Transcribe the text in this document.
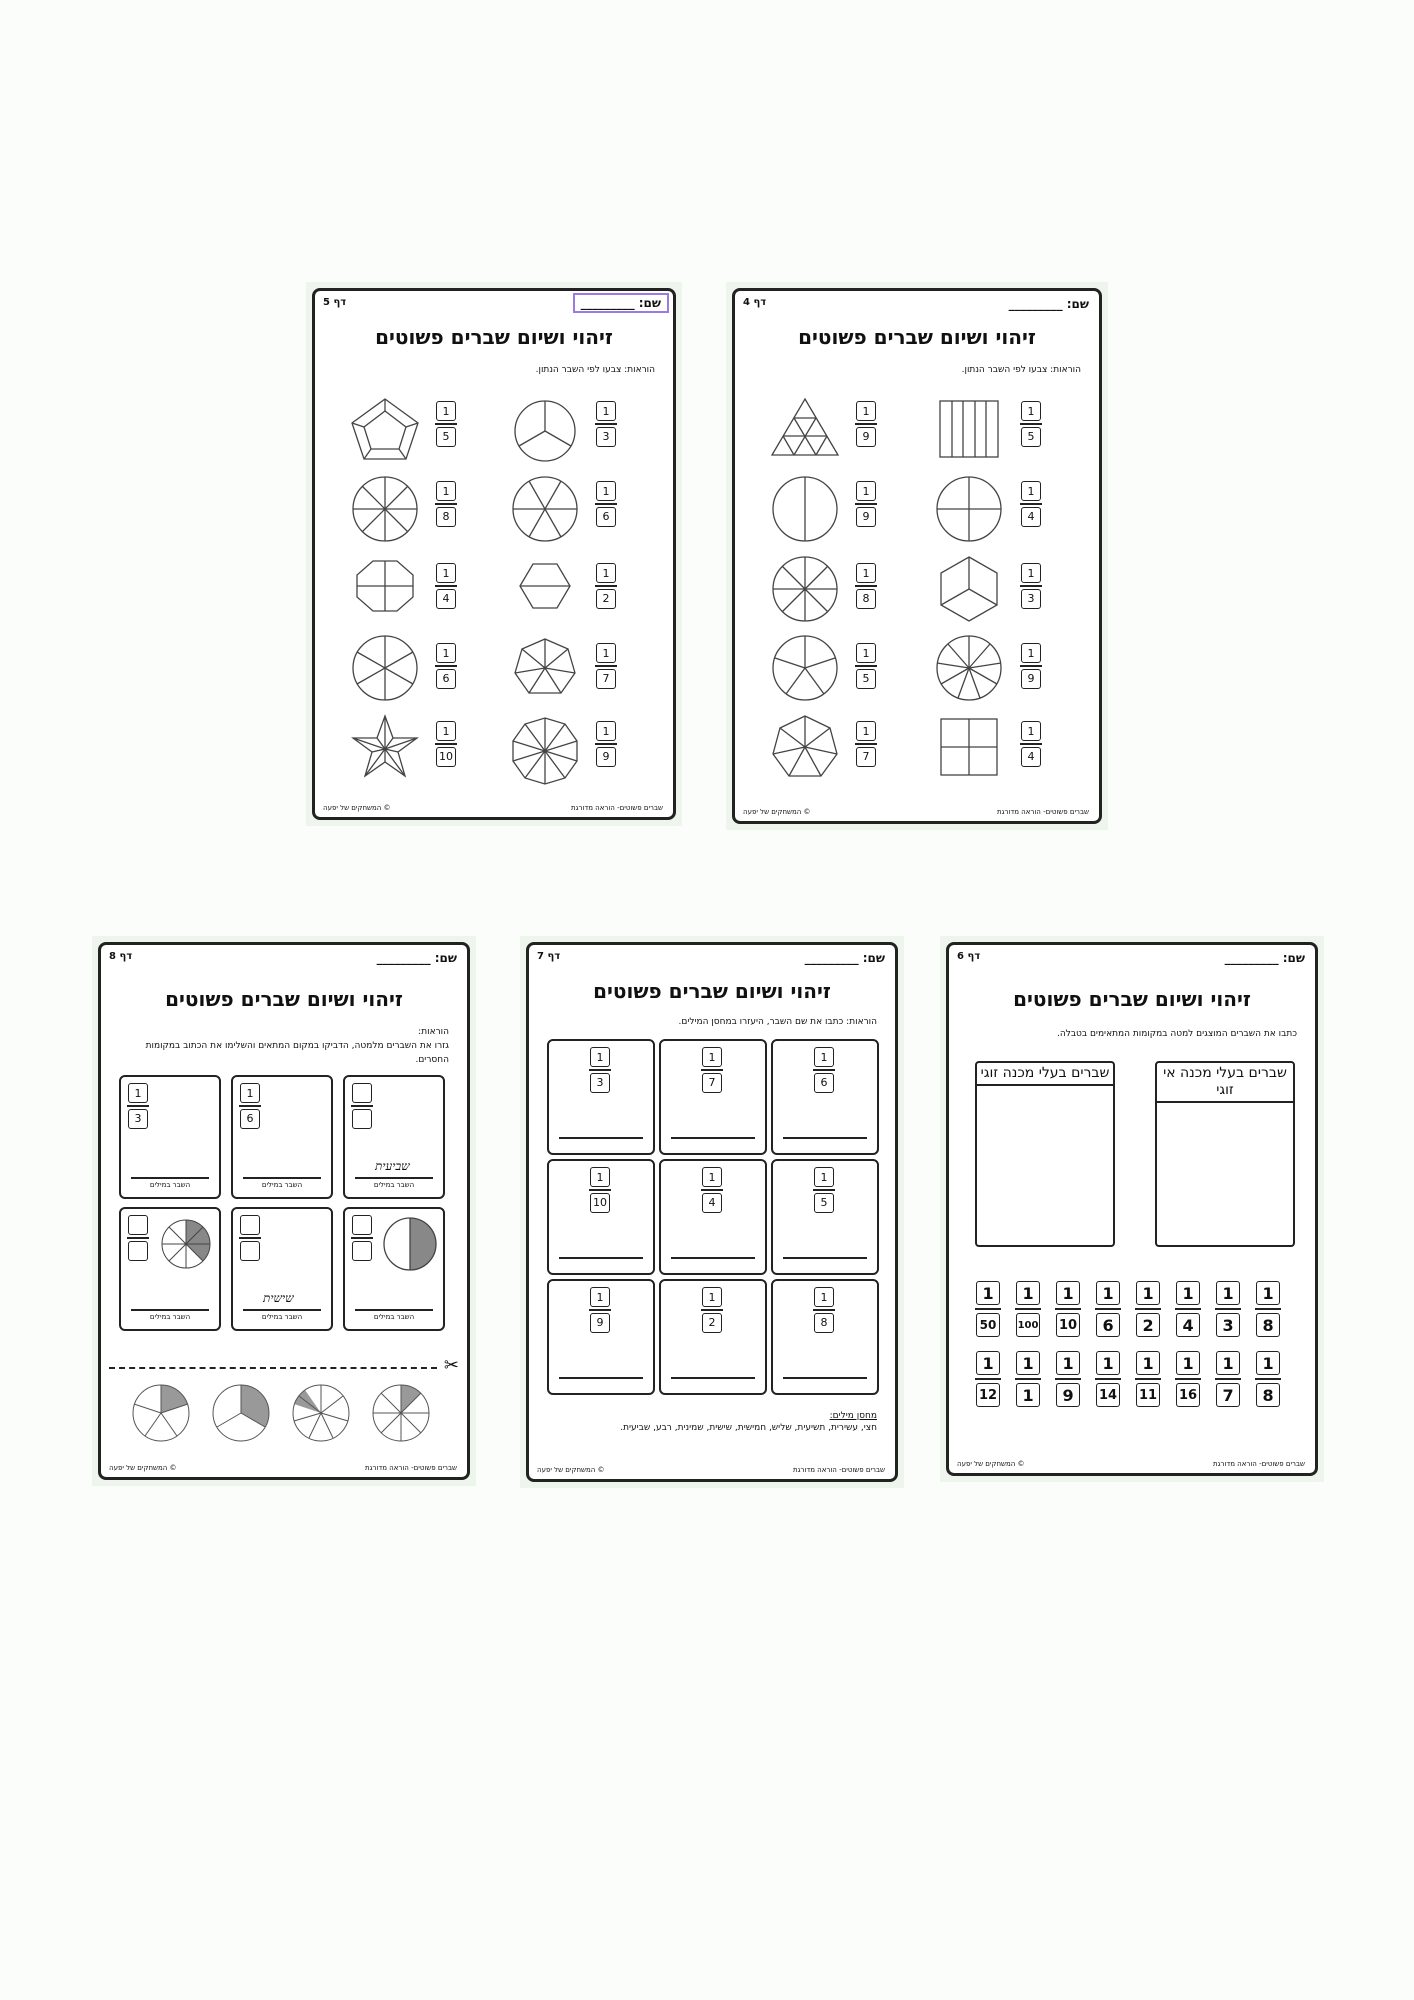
שם: _________
דף 5
זיהוי ושיום שברים פשוטים
הוראות: צבעו לפי השבר הנתון.
$\frac{1}{5}$	$\frac{1}{3}$
$\frac{1}{8}$	$\frac{1}{6}$
$\frac{1}{4}$	$\frac{1}{2}$
$\frac{1}{6}$	$\frac{1}{7}$
$\frac{1}{10}$	$\frac{1}{9}$
© המשחקים של יפעה	שברים פשוטים- הוראה מדורגת
שם: _________
דף 4
זיהוי ושיום שברים פשוטים
הוראות: צבעו לפי השבר הנתון.
$\frac{1}{9}$	$\frac{1}{5}$
$\frac{1}{9}$	$\frac{1}{4}$
$\frac{1}{8}$	$\frac{1}{3}$
$\frac{1}{5}$	$\frac{1}{9}$
$\frac{1}{7}$	$\frac{1}{4}$
© המשחקים של יפעה	שברים פשוטים- הוראה מדורגת
שם: _________
דף 8
זיהוי ושיום שברים פשוטים
הוראות:
גזרו את השברים מלמטה, הדביקו במקום המתאים והשלימו את הכתוב במקומות החסרים.
$\frac{1}{3}$
השבר במילים
$\frac{1}{6}$
השבר במילים
שביעית
השבר במילים
השבר במילים
שישית
השבר במילים	השבר במילים
✂
© המשחקים של יפעה	שברים פשוטים- הוראה מדורגת
שם: _________
דף 7
זיהוי ושיום שברים פשוטים
הוראות: כתבו את שם השבר, היעזרו במחסן המילים.
$\frac{1}{3}$	$\frac{1}{7}$	$\frac{1}{6}$
$\frac{1}{10}$	$\frac{1}{4}$	$\frac{1}{5}$
$\frac{1}{9}$	$\frac{1}{2}$	$\frac{1}{8}$
מחסן מילים:
חצי, עשירית, תשיעית, שליש, חמישית, שישית, שמינית, רבע, שביעית.
© המשחקים של יפעה	שברים פשוטים- הוראה מדורגת
שם: _________
דף 6
זיהוי ושיום שברים פשוטים
כתבו את השברים המוצגים למטה במקומות המתאימים בטבלה.
שברים בעלי מכנה אי זוגי
שברים בעלי מכנה זוגי
1
50
1
100
1
10
1
6
1
2
1
4
1
3
1
8
1
12
1
1
1
9
1
14
1
11
1
16
1
7
1
8
© המשחקים של יפעה	שברים פשוטים- הוראה מדורגת
